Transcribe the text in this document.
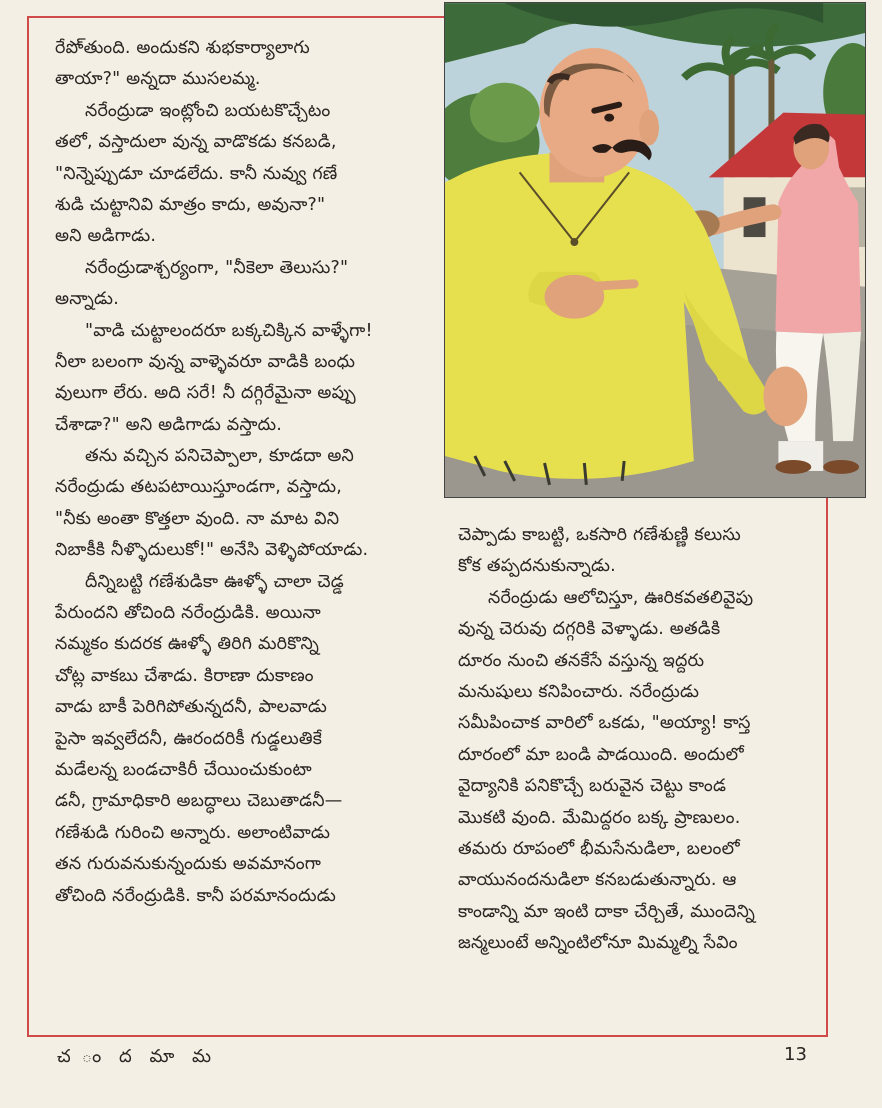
రేపొ్తుంది. అందుకని శుభకార్యాలాగు
తాయా?" అన్నదా ముసలమ్మ.
నరేంద్రుడా ఇంట్లోంచి బయటకొచ్చేటం
తలో, వస్తాదులా వున్న వాడొకడు కనబడి,
"నిన్నెప్పుడూ చూడలేదు. కానీ నువ్వు గణే
శుడి చుట్టానివి మాత్రం కాదు, అవునా?"
అని అడిగాడు.
నరేంద్రుడాశ్చర్యంగా, "నీకెలా తెలుసు?"
అన్నాడు.
"వాడి చుట్టాలందరూ బక్కచిక్కిన వాళ్ళేగా!
నీలా బలంగా వున్న వాళ్ళెవరూ వాడికి బంధు
వులుగా లేరు. అది సరే! నీ దగ్గిరేమైనా అప్పు
చేశాడా?" అని అడిగాడు వస్తాదు.
తను వచ్చిన పనిచెప్పాలా, కూడదా అని
నరేంద్రుడు తటపటాయిస్తూండగా, వస్తాదు,
"నీకు అంతా కొత్తలా వుంది. నా మాట విని
నిబాకీకి నీళ్ళొదులుకో!" అనేసి వెళ్ళిపోయాడు.
దీన్నిబట్టి గణేశుడికా ఊళ్ళో చాలా చెడ్డ
పేరుందని తోచింది నరేంద్రుడికి. అయినా
నమ్మకం కుదరక ఊళ్ళో తిరిగి మరికొన్ని
చోట్ల వాకబు చేశాడు. కిరాణా దుకాణం
వాడు బాకీ పెరిగిపోతున్నదనీ, పాలవాడు
పైసా ఇవ్వలేదనీ, ఊరందరికీ గుడ్డలుతికే
మడేలన్న బండచాకిరీ చేయించుకుంటా
డనీ, గ్రామాధికారి అబద్ధాలు చెబుతాడనీ—
గణేశుడి గురించి అన్నారు. అలాంటివాడు
తన గురువనుకున్నందుకు అవమానంగా
తోచింది నరేంద్రుడికి. కానీ పరమానందుడు
చెప్పాడు కాబట్టి, ఒకసారి గణేశుణ్ణి కలుసు
కోక తప్పదనుకున్నాడు.
నరేంద్రుడు ఆలోచిస్తూ, ఊరికవతలివైపు
వున్న చెరువు దగ్గరికి వెళ్ళాడు. అతడికి
దూరం నుంచి తనకేసే వస్తున్న ఇద్దరు
మనుషులు కనిపించారు. నరేంద్రుడు
సమీపించాక వారిలో ఒకడు, "అయ్యా! కాస్త
దూరంలో మా బండి పాడయింది. అందులో
వైద్యానికి పనికొచ్చే బరువైన చెట్టు కాండ
మొకటి వుంది. మేమిద్దరం బక్క ప్రాణులం.
తమరు రూపంలో భీమసేనుడిలా, బలంలో
వాయునందనుడిలా కనబడుతున్నారు. ఆ
కాండాన్ని మా ఇంటి దాకా చేర్చితే, ముందెన్ని
జన్మలుంటే అన్నింటిలోనూ మిమ్మల్ని సేవిం
చ ం ద మా మ	13
